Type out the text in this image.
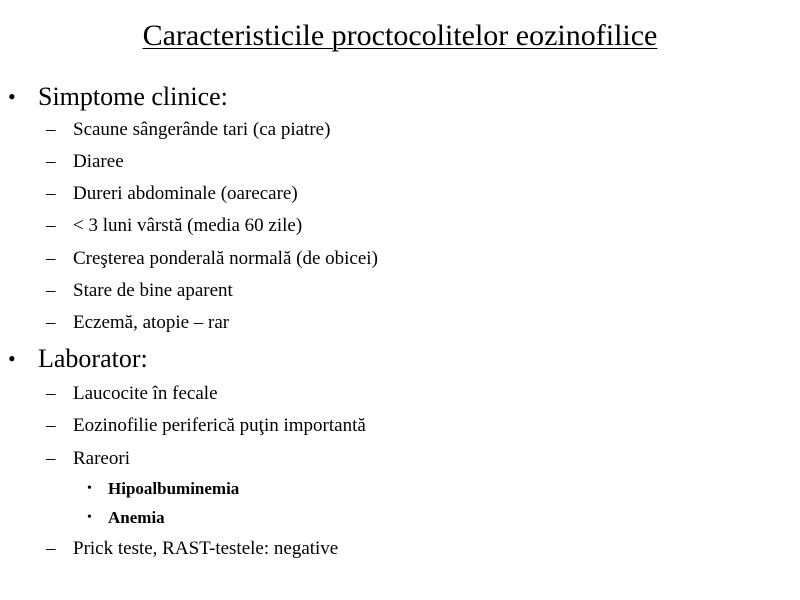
Caracteristicile proctocolitelor eozinofilice
• Simptome clinice:
– Scaune sângerânde tari (ca piatre)
– Diaree
– Dureri abdominale (oarecare)
– < 3 luni vârstă (media 60 zile)
– Creşterea ponderală normală (de obicei)
– Stare de bine aparent
– Eczemă, atopie – rar
• Laborator:
– Laucocite în fecale
– Eozinofilie periferică puţin importantă
– Rareori
• Hipoalbuminemia
• Anemia
– Prick teste, RAST-testele: negative
